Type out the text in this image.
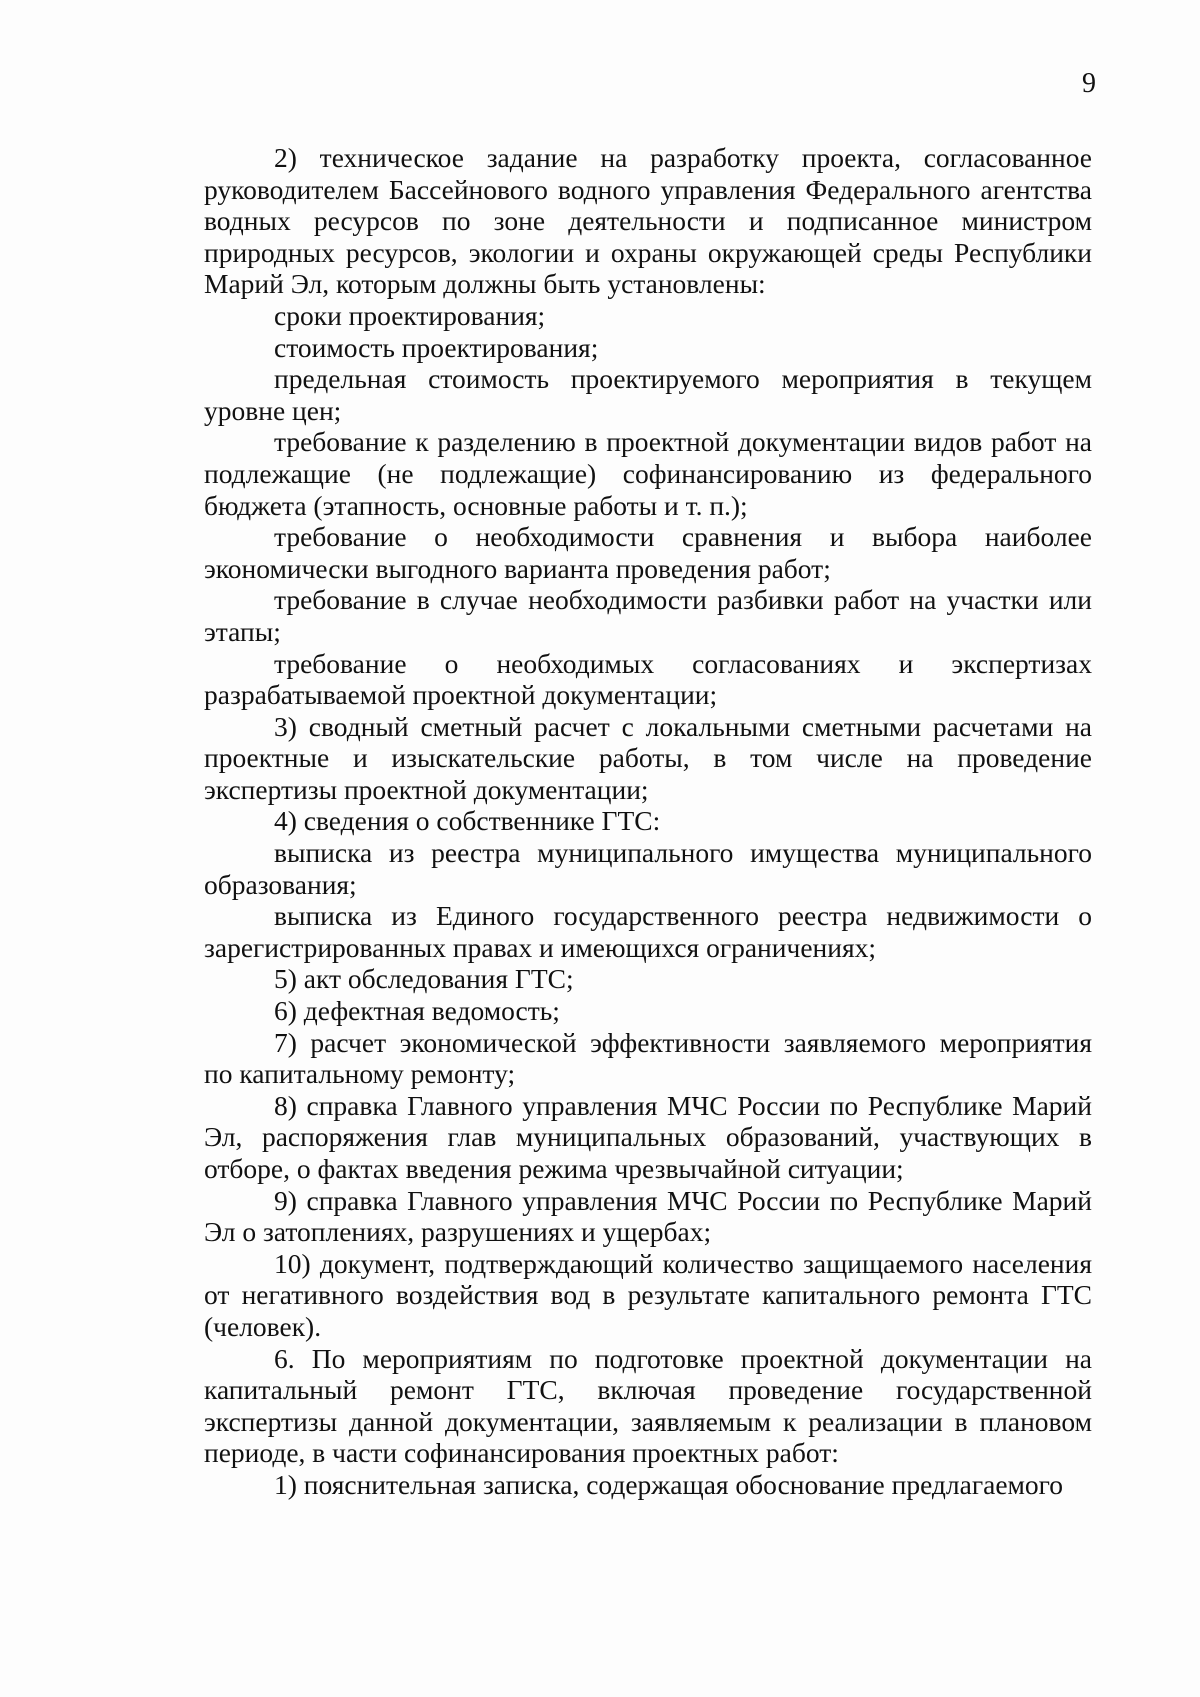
9

2) техническое задание на разработку проекта, согласованное руководителем Бассейнового водного управления Федерального агентства водных ресурсов по зоне деятельности и подписанное министром природных ресурсов, экологии и охраны окружающей среды Республики Марий Эл, которым должны быть установлены:

сроки проектирования;

стоимость проектирования;

предельная стоимость проектируемого мероприятия в текущем уровне цен;

требование к разделению в проектной документации видов работ на подлежащие (не подлежащие) софинансированию из федерального бюджета (этапность, основные работы и т. п.);

требование о необходимости сравнения и выбора наиболее экономически выгодного варианта проведения работ;

требование в случае необходимости разбивки работ на участки или этапы;

требование о необходимых согласованиях и экспертизах разрабатываемой проектной документации;

3) сводный сметный расчет с локальными сметными расчетами на проектные и изыскательские работы, в том числе на проведение экспертизы проектной документации;

4) сведения о собственнике ГТС:

выписка из реестра муниципального имущества муниципального образования;

выписка из Единого государственного реестра недвижимости о зарегистрированных правах и имеющихся ограничениях;

5) акт обследования ГТС;

6) дефектная ведомость;

7) расчет экономической эффективности заявляемого мероприятия по капитальному ремонту;

8) справка Главного управления МЧС России по Республике Марий Эл, распоряжения глав муниципальных образований, участвующих в отборе, о фактах введения режима чрезвычайной ситуации;

9) справка Главного управления МЧС России по Республике Марий Эл о затоплениях, разрушениях и ущербах;

10) документ, подтверждающий количество защищаемого населения от негативного воздействия вод в результате капитального ремонта ГТС (человек).

6. По мероприятиям по подготовке проектной документации на капитальный ремонт ГТС, включая проведение государственной экспертизы данной документации, заявляемым к реализации в плановом периоде, в части софинансирования проектных работ:

1) пояснительная записка, содержащая обоснование предлагаемого
